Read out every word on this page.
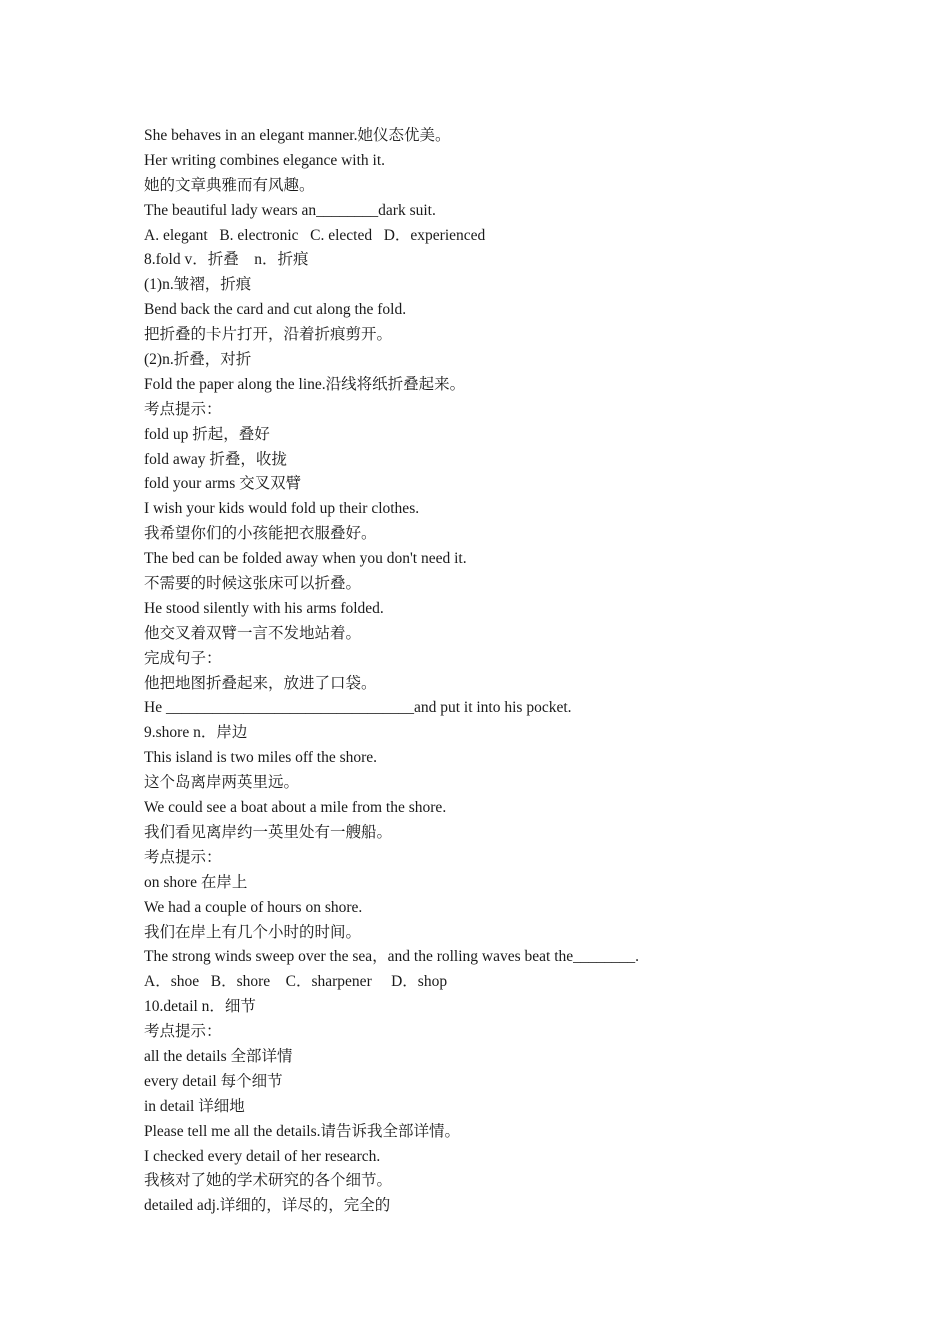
She behaves in an elegant manner.她仪态优美。
Her writing combines elegance with it.
她的文章典雅而有风趣。
The beautiful lady wears an________dark suit.
A. elegant   B. electronic   C. elected   D．experienced
8.fold v．折叠　n．折痕
(1)n.皱褶，折痕
Bend back the card and cut along the fold.
把折叠的卡片打开，沿着折痕剪开。
(2)n.折叠，对折
Fold the paper along the line.沿线将纸折叠起来。
考点提示：
fold up 折起，叠好
fold away 折叠，收拢
fold your arms 交叉双臂
I wish your kids would fold up their clothes.
我希望你们的小孩能把衣服叠好。
The bed can be folded away when you don't need it.
不需要的时候这张床可以折叠。
He stood silently with his arms folded.
他交叉着双臂一言不发地站着。
完成句子：
他把地图折叠起来，放进了口袋。
He ________________________________and put it into his pocket.
9.shore n．岸边
This island is two miles off the shore.
这个岛离岸两英里远。
We could see a boat about a mile from the shore.
我们看见离岸约一英里处有一艘船。
考点提示：
on shore 在岸上
We had a couple of hours on shore.
我们在岸上有几个小时的时间。
The strong winds sweep over the sea，and the rolling waves beat the________.
A．shoe   B．shore    C．sharpener     D．shop
10.detail n．细节
考点提示：
all the details 全部详情
every detail 每个细节
in detail 详细地
Please tell me all the details.请告诉我全部详情。
I checked every detail of her research.
我核对了她的学术研究的各个细节。
detailed adj.详细的，详尽的，完全的
